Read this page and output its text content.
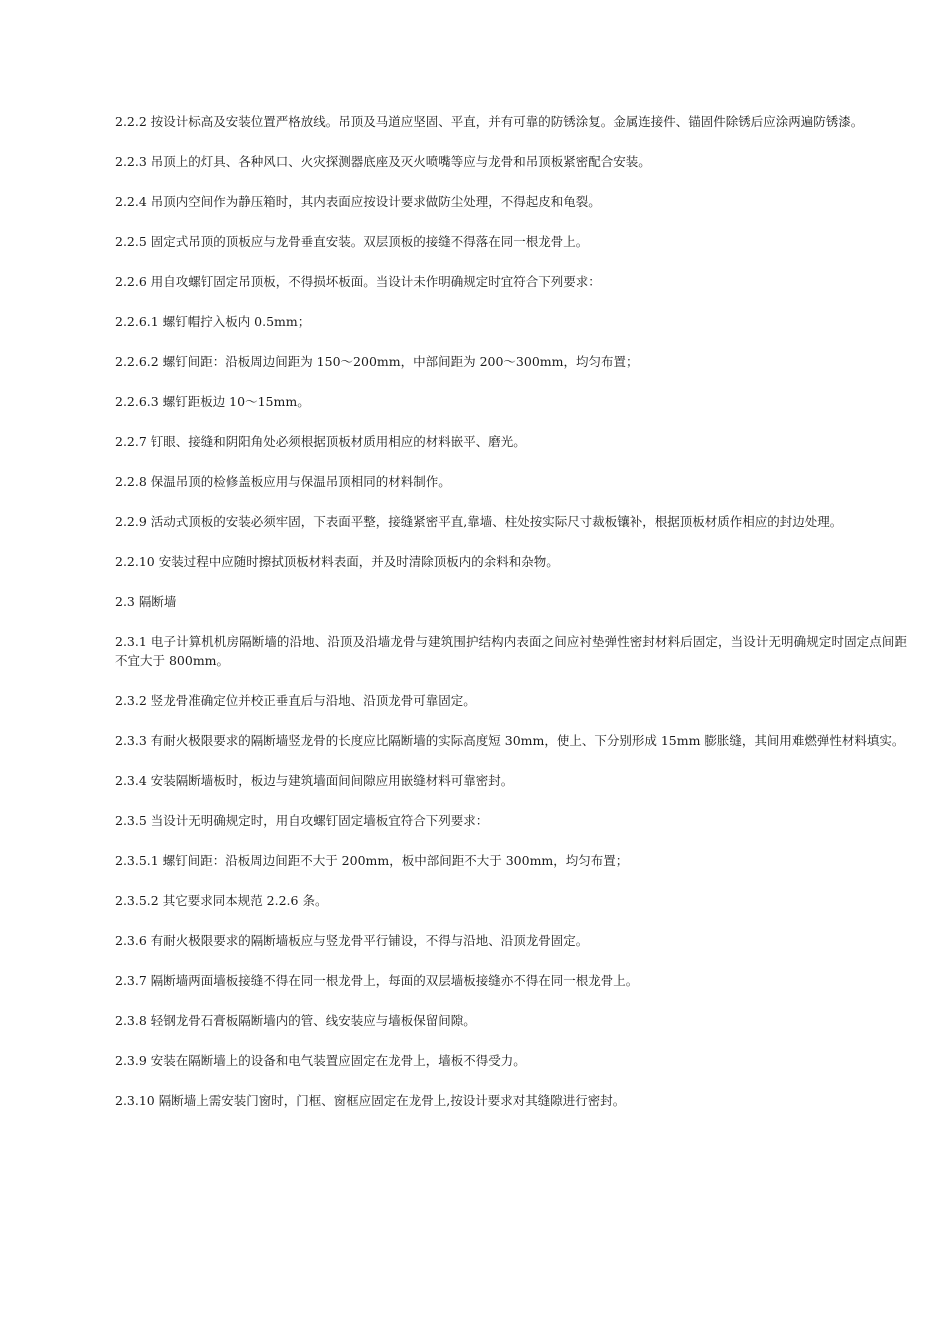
2.2.2 按设计标高及安装位置严格放线。吊顶及马道应坚固、平直，并有可靠的防锈涂复。金属连接件、锚固件除锈后应涂两遍防锈漆。

2.2.3 吊顶上的灯具、各种风口、火灾探测器底座及灭火喷嘴等应与龙骨和吊顶板紧密配合安装。

2.2.4 吊顶内空间作为静压箱时，其内表面应按设计要求做防尘处理，不得起皮和龟裂。

2.2.5 固定式吊顶的顶板应与龙骨垂直安装。双层顶板的接缝不得落在同一根龙骨上。

2.2.6 用自攻螺钉固定吊顶板，不得损坏板面。当设计未作明确规定时宜符合下列要求：

2.2.6.1 螺钉帽拧入板内 0.5mm；

2.2.6.2 螺钉间距：沿板周边间距为 150～200mm，中部间距为 200～300mm，均匀布置；

2.2.6.3 螺钉距板边 10～15mm。

2.2.7 钉眼、接缝和阴阳角处必须根据顶板材质用相应的材料嵌平、磨光。

2.2.8 保温吊顶的检修盖板应用与保温吊顶相同的材料制作。

2.2.9 活动式顶板的安装必须牢固，下表面平整，接缝紧密平直,靠墙、柱处按实际尺寸裁板镶补，根据顶板材质作相应的封边处理。

2.2.10 安装过程中应随时擦拭顶板材料表面，并及时清除顶板内的余料和杂物。

2.3 隔断墙

2.3.1 电子计算机机房隔断墙的沿地、沿顶及沿墙龙骨与建筑围护结构内表面之间应衬垫弹性密封材料后固定，当设计无明确规定时固定点间距不宜大于 800mm。

2.3.2 竖龙骨准确定位并校正垂直后与沿地、沿顶龙骨可靠固定。

2.3.3 有耐火极限要求的隔断墙竖龙骨的长度应比隔断墙的实际高度短 30mm，使上、下分别形成 15mm 膨胀缝，其间用难燃弹性材料填实。

2.3.4 安装隔断墙板时，板边与建筑墙面间间隙应用嵌缝材料可靠密封。

2.3.5 当设计无明确规定时，用自攻螺钉固定墙板宜符合下列要求：

2.3.5.1 螺钉间距：沿板周边间距不大于 200mm，板中部间距不大于 300mm，均匀布置；

2.3.5.2 其它要求同本规范 2.2.6 条。

2.3.6 有耐火极限要求的隔断墙板应与竖龙骨平行铺设，不得与沿地、沿顶龙骨固定。

2.3.7 隔断墙两面墙板接缝不得在同一根龙骨上，每面的双层墙板接缝亦不得在同一根龙骨上。

2.3.8 轻钢龙骨石膏板隔断墙内的管、线安装应与墙板保留间隙。

2.3.9 安装在隔断墙上的设备和电气装置应固定在龙骨上，墙板不得受力。

2.3.10 隔断墙上需安装门窗时，门框、窗框应固定在龙骨上,按设计要求对其缝隙进行密封。
